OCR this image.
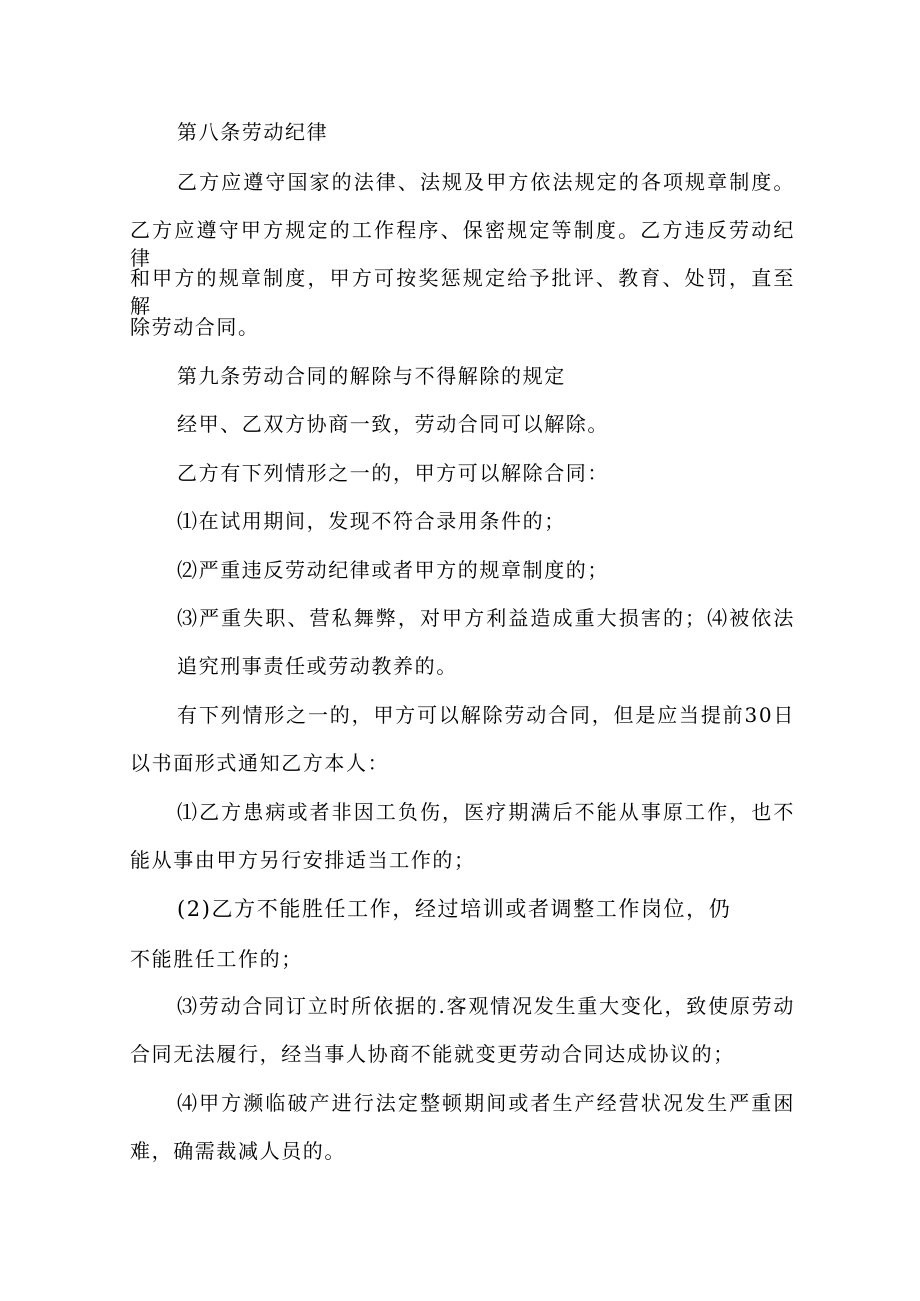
第八条劳动纪律
乙方应遵守国家的法律、法规及甲方依法规定的各项规章制度。
乙方应遵守甲方规定的工作程序、保密规定等制度。乙方违反劳动纪律
和甲方的规章制度，甲方可按奖惩规定给予批评、教育、处罚，直至解
除劳动合同。
第九条劳动合同的解除与不得解除的规定
经甲、乙双方协商一致，劳动合同可以解除。
乙方有下列情形之一的，甲方可以解除合同：
⑴在试用期间，发现不符合录用条件的；
⑵严重违反劳动纪律或者甲方的规章制度的；
⑶严重失职、营私舞弊，对甲方利益造成重大损害的；⑷被依法
追究刑事责任或劳动教养的。
有下列情形之一的，甲方可以解除劳动合同，但是应当提前30日
以书面形式通知乙方本人：
⑴乙方患病或者非因工负伤，医疗期满后不能从事原工作，也不
能从事由甲方另行安排适当工作的；
(2)乙方不能胜任工作，经过培训或者调整工作岗位，仍
不能胜任工作的；
⑶劳动合同订立时所依据的.客观情况发生重大变化，致使原劳动
合同无法履行，经当事人协商不能就变更劳动合同达成协议的；
⑷甲方濒临破产进行法定整顿期间或者生产经营状况发生严重困
难，确需裁减人员的。
